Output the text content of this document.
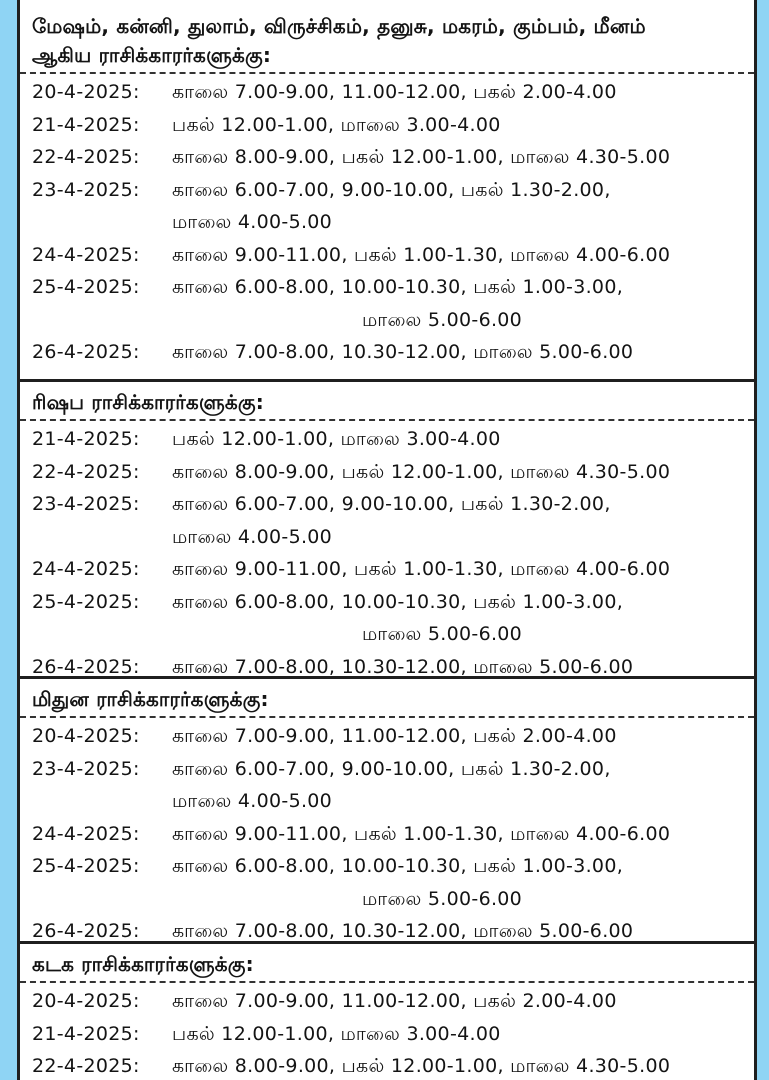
மேஷம், கன்னி, துலாம், விருச்சிகம், தனுசு, மகரம், கும்பம், மீனம்
ஆகிய ராசிக்காரர்களுக்கு:
20-4-2025:	காலை 7.00-9.00, 11.00-12.00, பகல் 2.00-4.00
21-4-2025:	பகல் 12.00-1.00, மாலை 3.00-4.00
22-4-2025:	காலை 8.00-9.00, பகல் 12.00-1.00, மாலை 4.30-5.00
23-4-2025:	காலை 6.00-7.00, 9.00-10.00, பகல் 1.30-2.00,
மாலை 4.00-5.00
24-4-2025:	காலை 9.00-11.00, பகல் 1.00-1.30, மாலை 4.00-6.00
25-4-2025:	காலை 6.00-8.00, 10.00-10.30, பகல் 1.00-3.00,
மாலை 5.00-6.00
26-4-2025:	காலை 7.00-8.00, 10.30-12.00, மாலை 5.00-6.00
ரிஷப ராசிக்காரர்களுக்கு:
21-4-2025:	பகல் 12.00-1.00, மாலை 3.00-4.00
22-4-2025:	காலை 8.00-9.00, பகல் 12.00-1.00, மாலை 4.30-5.00
23-4-2025:	காலை 6.00-7.00, 9.00-10.00, பகல் 1.30-2.00,
மாலை 4.00-5.00
24-4-2025:	காலை 9.00-11.00, பகல் 1.00-1.30, மாலை 4.00-6.00
25-4-2025:	காலை 6.00-8.00, 10.00-10.30, பகல் 1.00-3.00,
மாலை 5.00-6.00
26-4-2025:	காலை 7.00-8.00, 10.30-12.00, மாலை 5.00-6.00
மிதுன ராசிக்காரர்களுக்கு:
20-4-2025:	காலை 7.00-9.00, 11.00-12.00, பகல் 2.00-4.00
23-4-2025:	காலை 6.00-7.00, 9.00-10.00, பகல் 1.30-2.00,
மாலை 4.00-5.00
24-4-2025:	காலை 9.00-11.00, பகல் 1.00-1.30, மாலை 4.00-6.00
25-4-2025:	காலை 6.00-8.00, 10.00-10.30, பகல் 1.00-3.00,
மாலை 5.00-6.00
26-4-2025:	காலை 7.00-8.00, 10.30-12.00, மாலை 5.00-6.00
கடக ராசிக்காரர்களுக்கு:
20-4-2025:	காலை 7.00-9.00, 11.00-12.00, பகல் 2.00-4.00
21-4-2025:	பகல் 12.00-1.00, மாலை 3.00-4.00
22-4-2025:	காலை 8.00-9.00, பகல் 12.00-1.00, மாலை 4.30-5.00
